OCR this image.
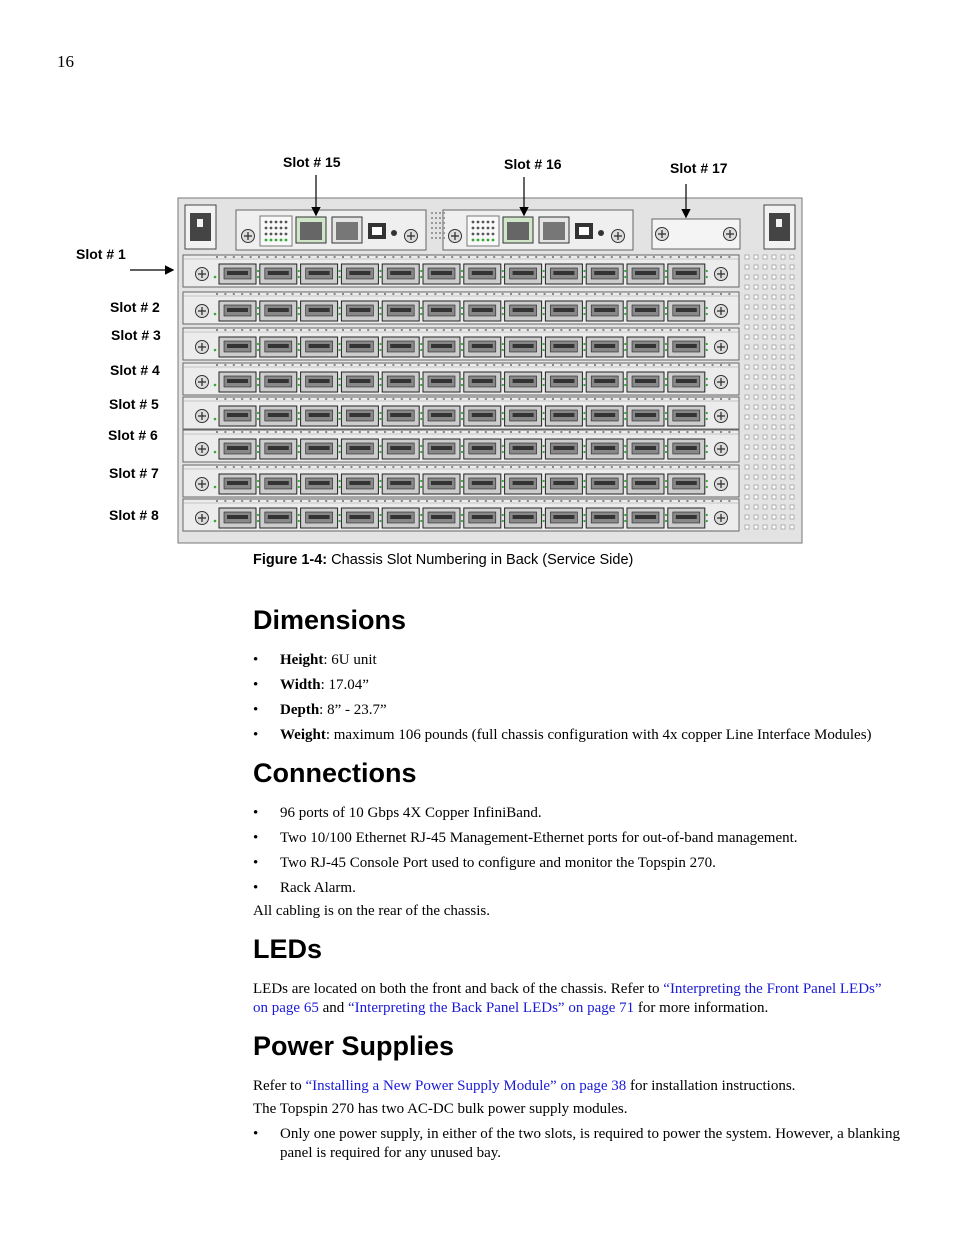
16
Slot # 1
Slot # 2
Slot # 3
Slot # 4
Slot # 5
Slot # 6
Slot # 7
Slot # 8
Slot # 15	Slot # 16	Slot # 17
Figure 1-4: Chassis Slot Numbering in Back (Service Side)
Dimensions
• Height: 6U unit
• Width: 17.04”
• Depth: 8” - 23.7”
• Weight: maximum 106 pounds (full chassis configuration with 4x copper Line Interface Modules)
Connections
• 96 ports of 10 Gbps 4X Copper InfiniBand.
• Two 10/100 Ethernet RJ-45 Management-Ethernet ports for out-of-band management.
• Two RJ-45 Console Port used to configure and monitor the Topspin 270.
• Rack Alarm.
All cabling is on the rear of the chassis.
LEDs
LEDs are located on both the front and back of the chassis. Refer to “Interpreting the Front Panel LEDs” on page 65 and “Interpreting the Back Panel LEDs” on page 71 for more information.
Power Supplies
Refer to “Installing a New Power Supply Module” on page 38 for installation instructions.
The Topspin 270 has two AC-DC bulk power supply modules.
• Only one power supply, in either of the two slots, is required to power the system. However, a blanking panel is required for any unused bay.
